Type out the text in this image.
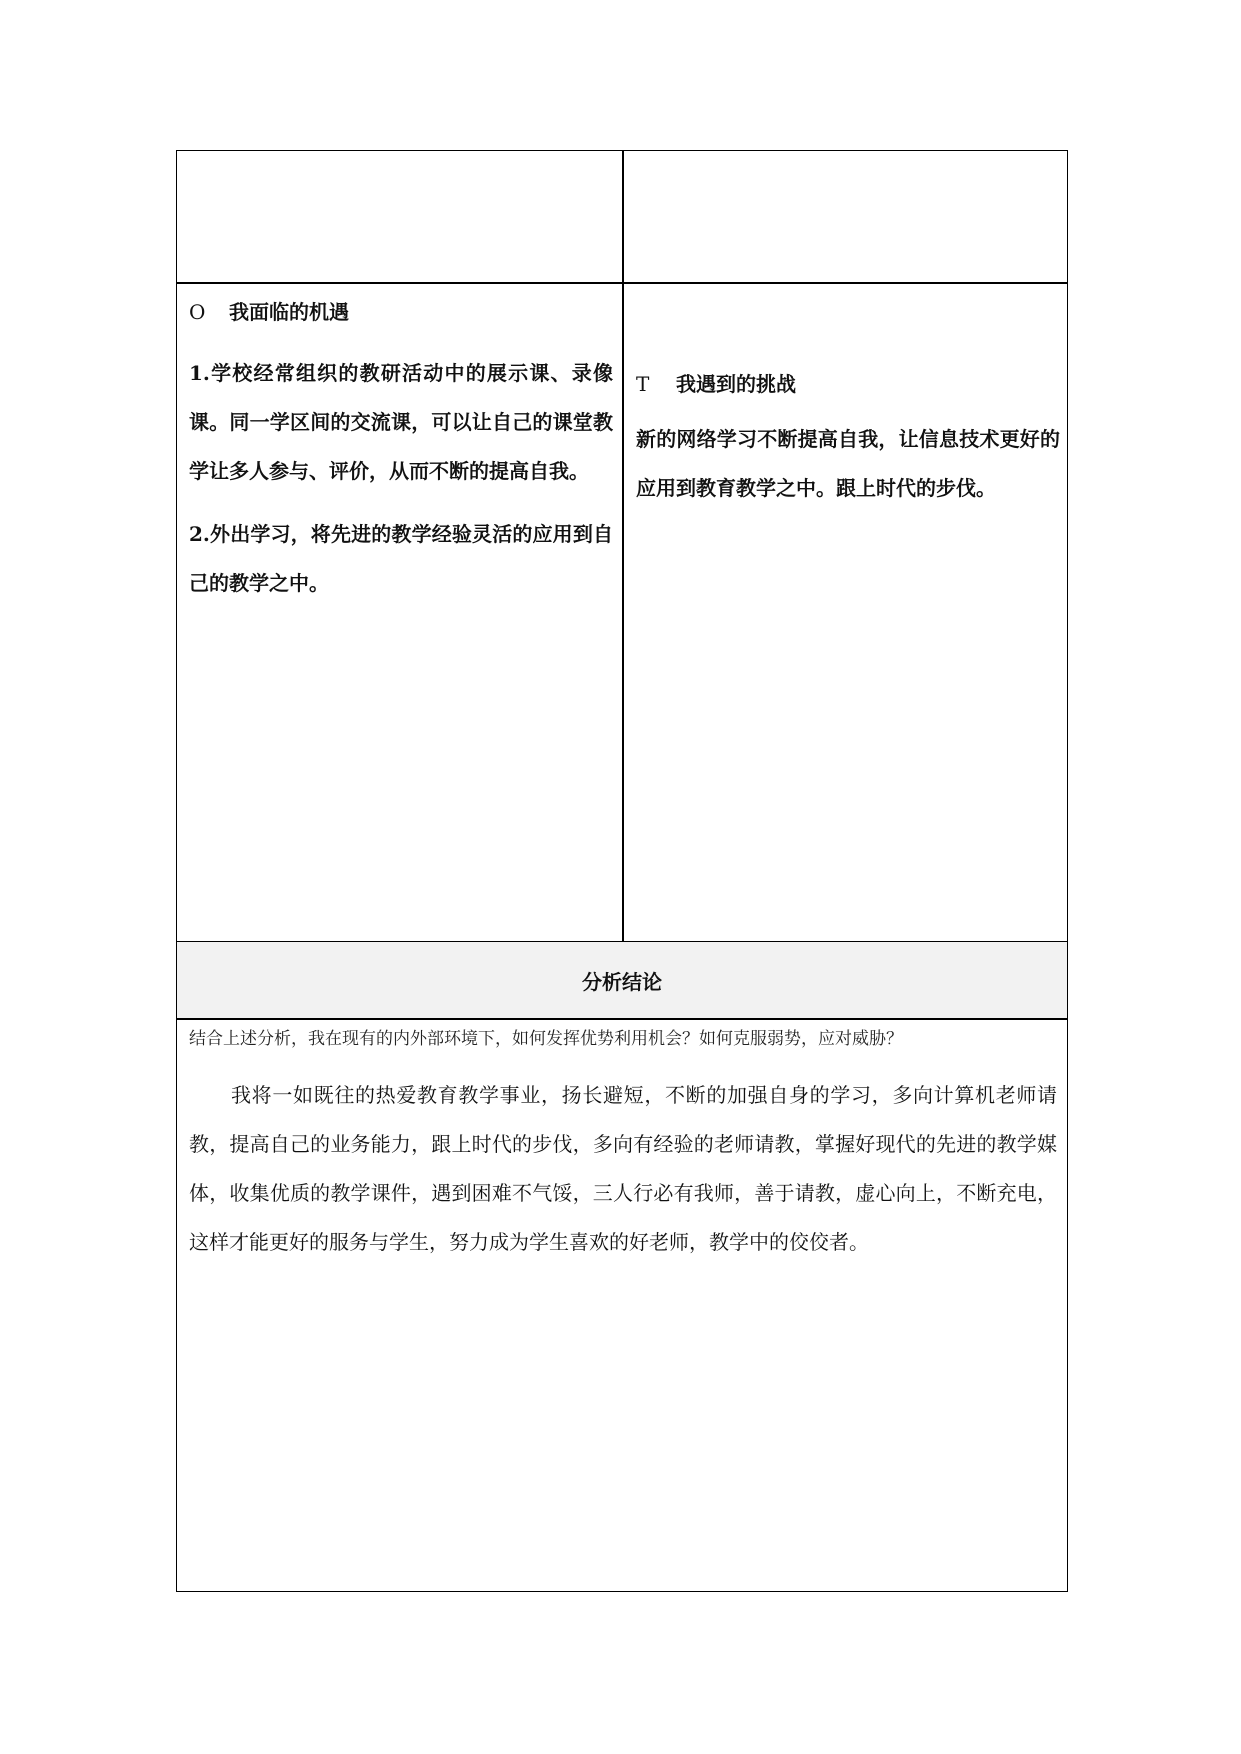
O 我面临的机遇
1.学校经常组织的教研活动中的展示课、录像课。同一学区间的交流课，可以让自己的课堂教学让多人参与、评价，从而不断的提高自我。
2.外出学习，将先进的教学经验灵活的应用到自己的教学之中。
T 我遇到的挑战
新的网络学习不断提高自我，让信息技术更好的应用到教育教学之中。跟上时代的步伐。
分析结论
结合上述分析，我在现有的内外部环境下，如何发挥优势利用机会？如何克服弱势，应对威胁？
我将一如既往的热爱教育教学事业，扬长避短，不断的加强自身的学习，多向计算机老师请教，提高自己的业务能力，跟上时代的步伐，多向有经验的老师请教，掌握好现代的先进的教学媒体，收集优质的教学课件，遇到困难不气馁，三人行必有我师，善于请教，虚心向上，不断充电，这样才能更好的服务与学生，努力成为学生喜欢的好老师，教学中的佼佼者。
